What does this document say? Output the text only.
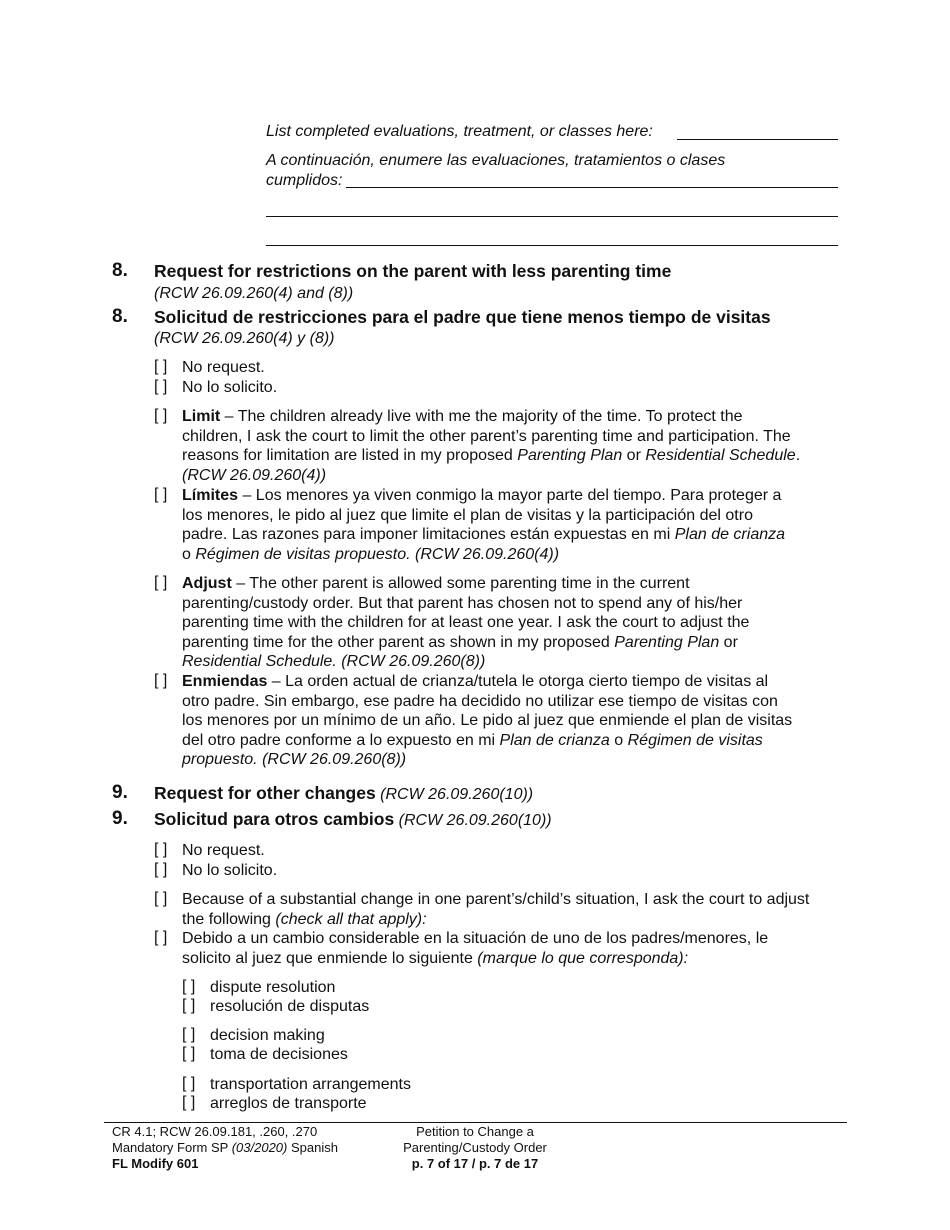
List completed evaluations, treatment, or classes here:
A continuación, enumere las evaluaciones, tratamientos o clases
cumplidos:
8. Request for restrictions on the parent with less parenting time
(RCW 26.09.260(4) and (8))
8. Solicitud de restricciones para el padre que tiene menos tiempo de visitas
(RCW 26.09.260(4) y (8))
[ ] No request.
[ ] No lo solicito.
[ ] Limit – The children already live with me the majority of the time. To protect the
children, I ask the court to limit the other parent’s parenting time and participation. The
reasons for limitation are listed in my proposed Parenting Plan or Residential Schedule.
(RCW 26.09.260(4))
[ ] Límites – Los menores ya viven conmigo la mayor parte del tiempo. Para proteger a
los menores, le pido al juez que limite el plan de visitas y la participación del otro
padre. Las razones para imponer limitaciones están expuestas en mi Plan de crianza
o Régimen de visitas propuesto. (RCW 26.09.260(4))
[ ] Adjust – The other parent is allowed some parenting time in the current
parenting/custody order. But that parent has chosen not to spend any of his/her
parenting time with the children for at least one year. I ask the court to adjust the
parenting time for the other parent as shown in my proposed Parenting Plan or
Residential Schedule. (RCW 26.09.260(8))
[ ] Enmiendas – La orden actual de crianza/tutela le otorga cierto tiempo de visitas al
otro padre. Sin embargo, ese padre ha decidido no utilizar ese tiempo de visitas con
los menores por un mínimo de un año. Le pido al juez que enmiende el plan de visitas
del otro padre conforme a lo expuesto en mi Plan de crianza o Régimen de visitas
propuesto. (RCW 26.09.260(8))
9. Request for other changes (RCW 26.09.260(10))
9. Solicitud para otros cambios (RCW 26.09.260(10))
[ ] No request.
[ ] No lo solicito.
[ ] Because of a substantial change in one parent’s/child’s situation, I ask the court to adjust
the following (check all that apply):
[ ] Debido a un cambio considerable en la situación de uno de los padres/menores, le
solicito al juez que enmiende lo siguiente (marque lo que corresponda):
[ ] dispute resolution
[ ] resolución de disputas
[ ] decision making
[ ] toma de decisiones
[ ] transportation arrangements
[ ] arreglos de transporte
CR 4.1; RCW 26.09.181, .260, .270
Mandatory Form SP (03/2020) Spanish
FL Modify 601
Petition to Change a
Parenting/Custody Order
p. 7 of 17 / p. 7 de 17
